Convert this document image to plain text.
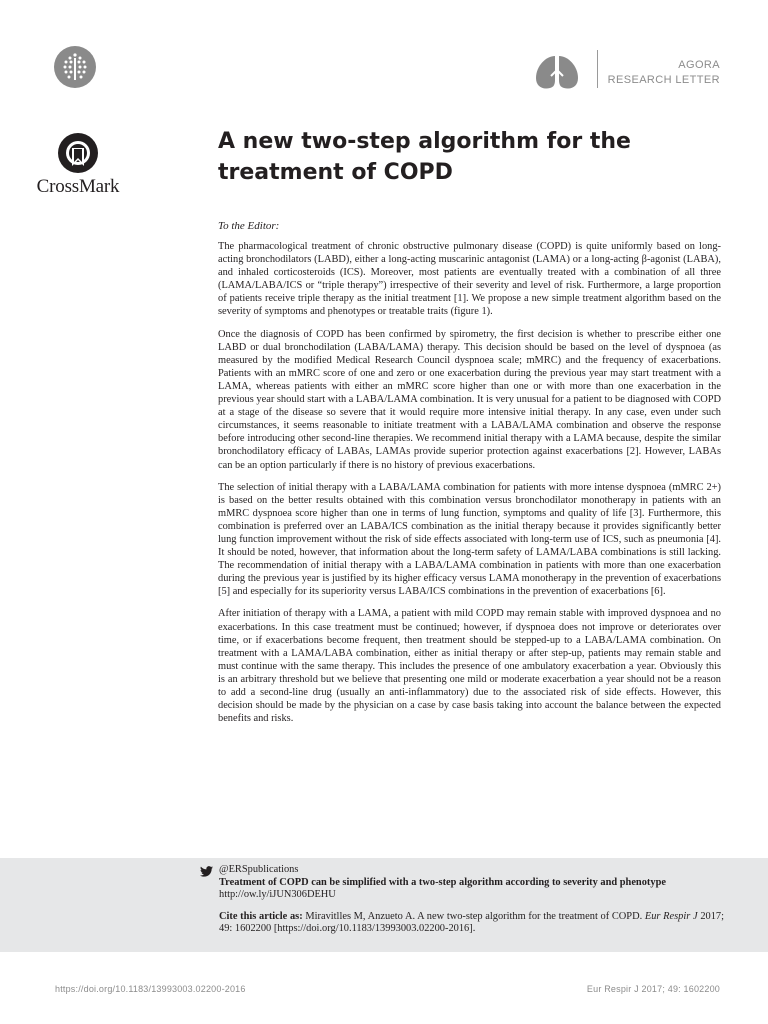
CrossMark
AGORA
RESEARCH LETTER
A new two-step algorithm for the treatment of COPD

To the Editor:

The pharmacological treatment of chronic obstructive pulmonary disease (COPD) is quite uniformly based on long-acting bronchodilators (LABD), either a long-acting muscarinic antagonist (LAMA) or a long-acting β-agonist (LABA), and inhaled corticosteroids (ICS). Moreover, most patients are eventually treated with a combination of all three (LAMA/LABA/ICS or “triple therapy”) irrespective of their severity and level of risk. Furthermore, a large proportion of patients receive triple therapy as the initial treatment [1]. We propose a new simple treatment algorithm based on the severity of symptoms and phenotypes or treatable traits (figure 1).

Once the diagnosis of COPD has been confirmed by spirometry, the first decision is whether to prescribe either one LABD or dual bronchodilation (LABA/LAMA) therapy. This decision should be based on the level of dyspnoea (as measured by the modified Medical Research Council dyspnoea scale; mMRC) and the frequency of exacerbations. Patients with an mMRC score of one and zero or one exacerbation during the previous year may start treatment with a LAMA, whereas patients with either an mMRC score higher than one or with more than one exacerbation in the previous year should start with a LABA/LAMA combination. It is very unusual for a patient to be diagnosed with COPD at a stage of the disease so severe that it would require more intensive initial therapy. In any case, even under such circumstances, it seems reasonable to initiate treatment with a LABA/LAMA combination and observe the response before introducing other second-line therapies. We recommend initial therapy with a LAMA because, despite the similar bronchodilatory efficacy of LABAs, LAMAs provide superior protection against exacerbations [2]. However, LABAs can be an option particularly if there is no history of previous exacerbations.

The selection of initial therapy with a LABA/LAMA combination for patients with more intense dyspnoea (mMRC 2+) is based on the better results obtained with this combination versus bronchodilator monotherapy in patients with an mMRC dyspnoea score higher than one in terms of lung function, symptoms and quality of life [3]. Furthermore, this combination is preferred over an LABA/ICS combination as the initial therapy because it provides significantly better lung function improvement without the risk of side effects associated with long-term use of ICS, such as pneumonia [4]. It should be noted, however, that information about the long-term safety of LAMA/LABA combinations is still lacking. The recommendation of initial therapy with a LABA/LAMA combination in patients with more than one exacerbation during the previous year is justified by its higher efficacy versus LAMA monotherapy in the prevention of exacerbations [5] and especially for its superiority versus LABA/ICS combinations in the prevention of exacerbations [6].

After initiation of therapy with a LAMA, a patient with mild COPD may remain stable with improved dyspnoea and no exacerbations. In this case treatment must be continued; however, if dyspnoea does not improve or deteriorates over time, or if exacerbations become frequent, then treatment should be stepped-up to a LABA/LAMA combination. On treatment with a LAMA/LABA combination, either as initial therapy or after step-up, patients may remain stable and must continue with the same therapy. This includes the presence of one ambulatory exacerbation a year. Obviously this is an arbitrary threshold but we believe that presenting one mild or moderate exacerbation a year should not be a reason to add a second-line drug (usually an anti-inflammatory) due to the associated risk of side effects. However, this decision should be made by the physician on a case by case basis taking into account the balance between the expected benefits and risks.

@ERSpublications
Treatment of COPD can be simplified with a two-step algorithm according to severity and phenotype
http://ow.ly/iJUN306DEHU
Cite this article as: Miravitlles M, Anzueto A. A new two-step algorithm for the treatment of COPD. Eur Respir J 2017; 49: 1602200 [https://doi.org/10.1183/13993003.02200-2016].
https://doi.org/10.1183/13993003.02200-2016	Eur Respir J 2017; 49: 1602200
